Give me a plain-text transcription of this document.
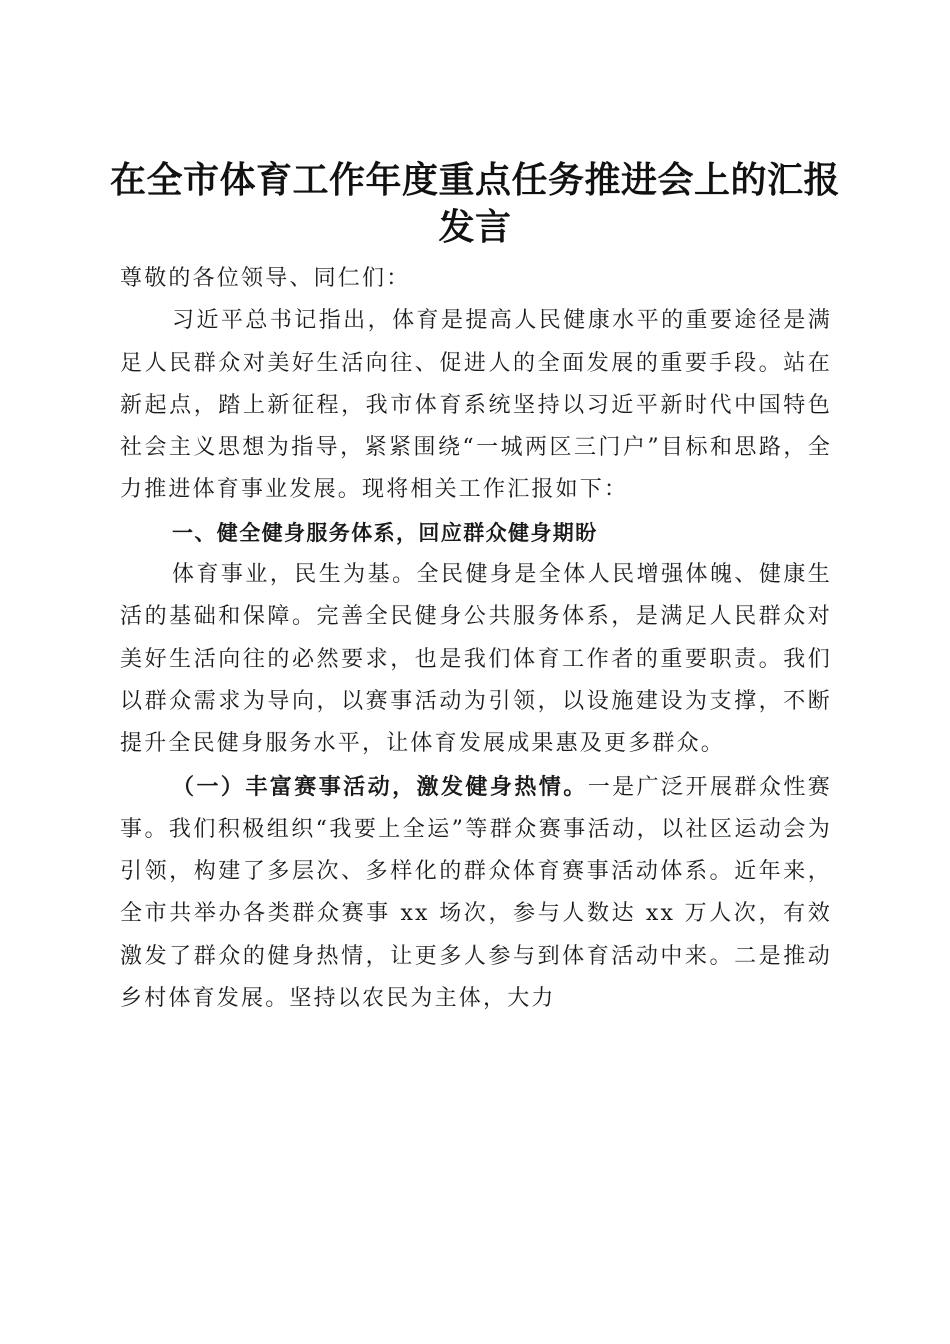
在全市体育工作年度重点任务推进会上的汇报发言

尊敬的各位领导、同仁们：

习近平总书记指出，体育是提高人民健康水平的重要途径是满足人民群众对美好生活向往、促进人的全面发展的重要手段。站在新起点，踏上新征程，我市体育系统坚持以习近平新时代中国特色社会主义思想为指导，紧紧围绕“一城两区三门户”目标和思路，全力推进体育事业发展。现将相关工作汇报如下：

一、健全健身服务体系，回应群众健身期盼

体育事业，民生为基。全民健身是全体人民增强体魄、健康生活的基础和保障。完善全民健身公共服务体系，是满足人民群众对美好生活向往的必然要求，也是我们体育工作者的重要职责。我们以群众需求为导向，以赛事活动为引领，以设施建设为支撑，不断提升全民健身服务水平，让体育发展成果惠及更多群众。

（一）丰富赛事活动，激发健身热情。一是广泛开展群众性赛事。我们积极组织“我要上全运”等群众赛事活动，以社区运动会为引领，构建了多层次、多样化的群众体育赛事活动体系。近年来，全市共举办各类群众赛事 xx 场次，参与人数达 xx 万人次，有效激发了群众的健身热情，让更多人参与到体育活动中来。二是推动乡村体育发展。坚持以农民为主体，大力
